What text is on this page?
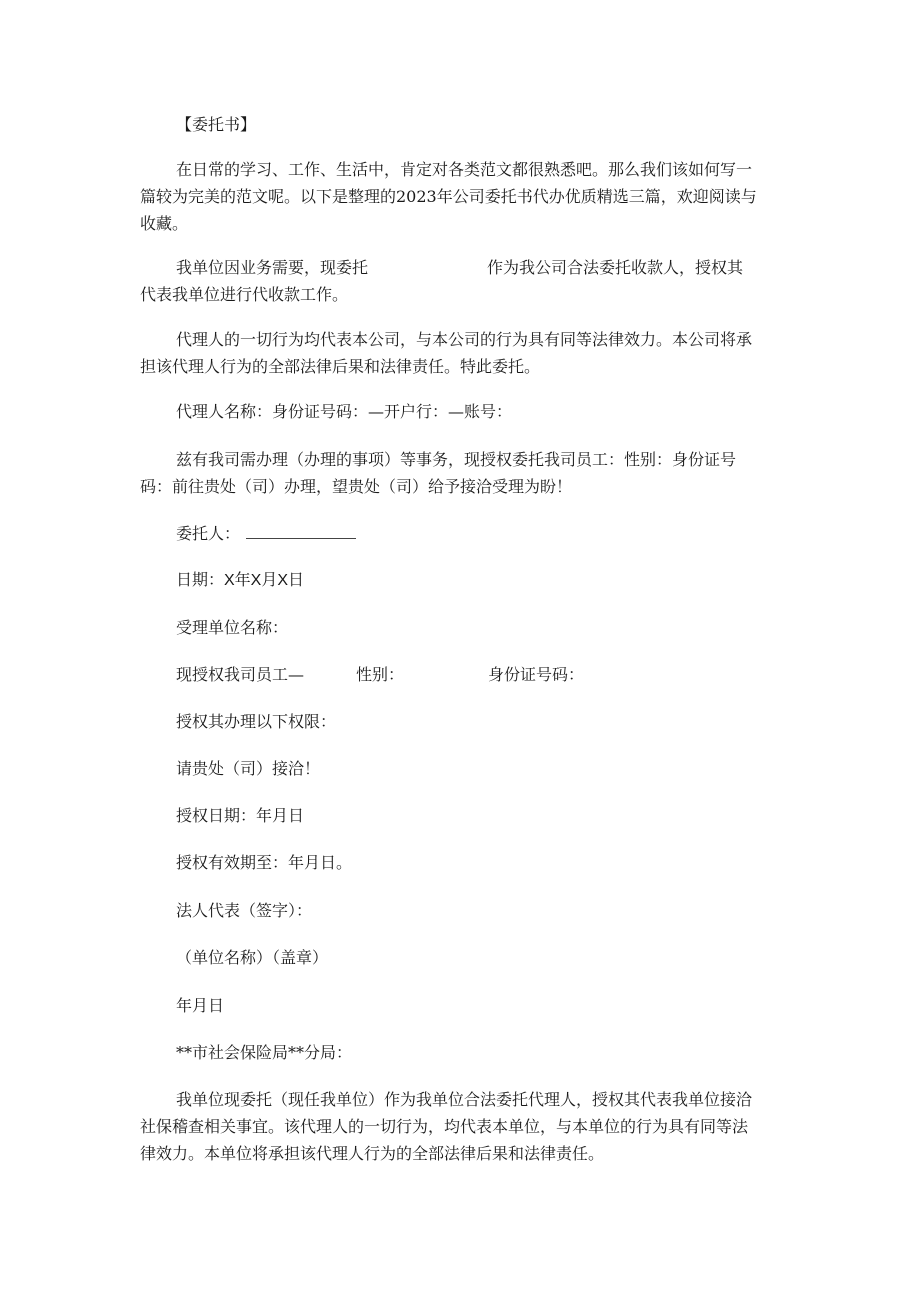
【委托书】
在日常的学习、工作、生活中，肯定对各类范文都很熟悉吧。那么我们该如何写一
篇较为完美的范文呢。以下是整理的2023年公司委托书代办优质精选三篇，欢迎阅读与
收藏。
我单位因业务需要，现委托	作为我公司合法委托收款人，授权其
代表我单位进行代收款工作。
代理人的一切行为均代表本公司，与本公司的行为具有同等法律效力。本公司将承
担该代理人行为的全部法律后果和法律责任。特此委托。
代理人名称：身份证号码：—开户行：—账号：
兹有我司需办理（办理的事项）等事务，现授权委托我司员工：性别：身份证号
码：前往贵处（司）办理，望贵处（司）给予接洽受理为盼！
委托人：
日期：X年X月X日
受理单位名称：
现授权我司员工—	性别：	身份证号码：
授权其办理以下权限：
请贵处（司）接洽！
授权日期：年月日
授权有效期至：年月日。
法人代表（签字）：
（单位名称）（盖章）
年月日
**市社会保险局**分局：
我单位现委托（现任我单位）作为我单位合法委托代理人，授权其代表我单位接洽
社保稽查相关事宜。该代理人的一切行为，均代表本单位，与本单位的行为具有同等法
律效力。本单位将承担该代理人行为的全部法律后果和法律责任。
